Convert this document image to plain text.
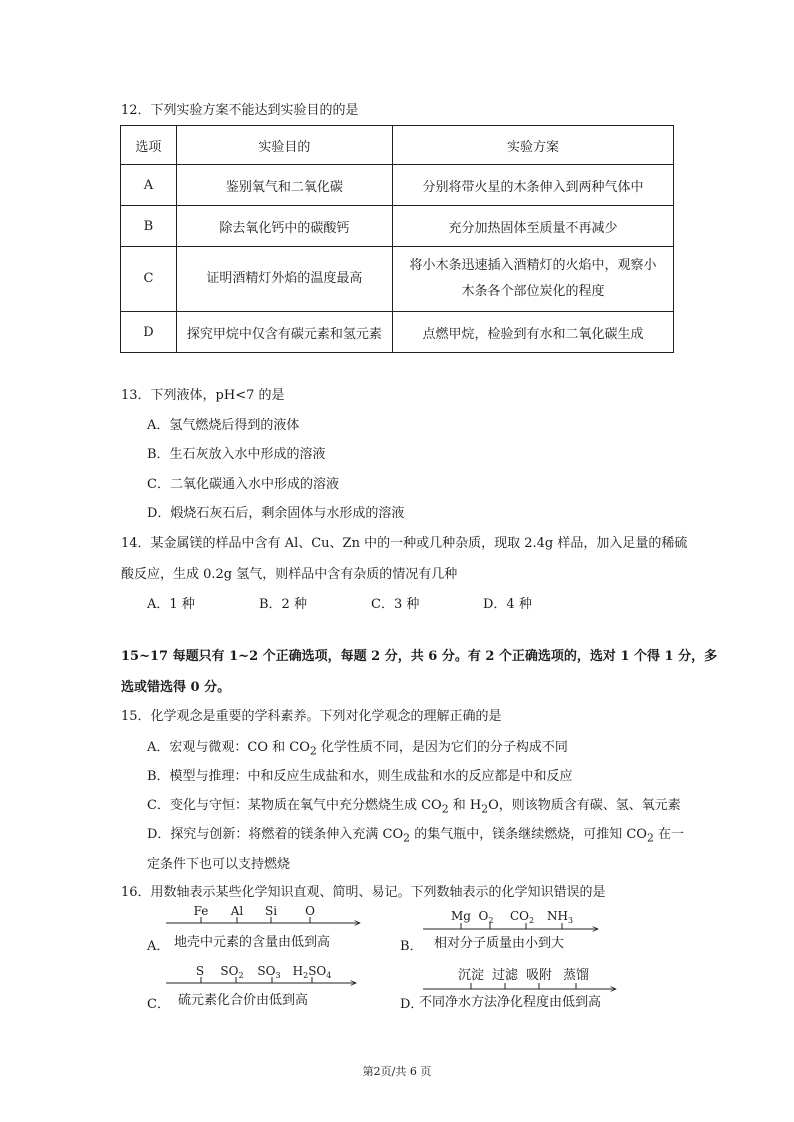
12．下列实验方案不能达到实验目的的是
选项	实验目的	实验方案
A	鉴别氧气和二氧化碳	分别将带火星的木条伸入到两种气体中
B	除去氧化钙中的碳酸钙	充分加热固体至质量不再减少
C	证明酒精灯外焰的温度最高	将小木条迅速插入酒精灯的火焰中，观察小
木条各个部位炭化的程度

D	探究甲烷中仅含有碳元素和氢元素	点燃甲烷，检验到有水和二氧化碳生成
13．下列液体，pH<7 的是
A．氢气燃烧后得到的液体
B．生石灰放入水中形成的溶液
C．二氧化碳通入水中形成的溶液
D．煅烧石灰石后，剩余固体与水形成的溶液
14．某金属镁的样品中含有 Al、Cu、Zn 中的一种或几种杂质，现取 2.4g 样品，加入足量的稀硫
酸反应，生成 0.2g 氢气，则样品中含有杂质的情况有几种
A．1 种	B．2 种	C．3 种	D．4 种
15~17 每题只有 1~2 个正确选项，每题 2 分，共 6 分。有 2 个正确选项的，选对 1 个得 1 分，多
选或错选得 0 分。
15．化学观念是重要的学科素养。下列对化学观念的理解正确的是
A．宏观与微观：CO 和 $CO_2$ 化学性质不同，是因为它们的分子构成不同
B．模型与推理：中和反应生成盐和水，则生成盐和水的反应都是中和反应
C．变化与守恒：某物质在氧气中充分燃烧生成 $CO_2$ 和 $H_2O$，则该物质含有碳、氢、氧元素
D．探究与创新：将燃着的镁条伸入充满 $CO_2$ 的集气瓶中，镁条继续燃烧，可推知 $CO_2$ 在一
定条件下也可以支持燃烧
16．用数轴表示某些化学知识直观、简明、易记。下列数轴表示的化学知识错误的是
Fe Al Si O	Mg $O_2$ $CO_2$ $NH_3$
S $SO_2$ $SO_3$ $H_2SO_4$	沉淀 过滤 吸附 蒸馏
A． 地壳中元素的含量由低到高	B． 相对分子质量由小到大
C． 硫元素化合价由低到高	D．
不同净水方法净化程度由低到高
第2页/共 6 页
